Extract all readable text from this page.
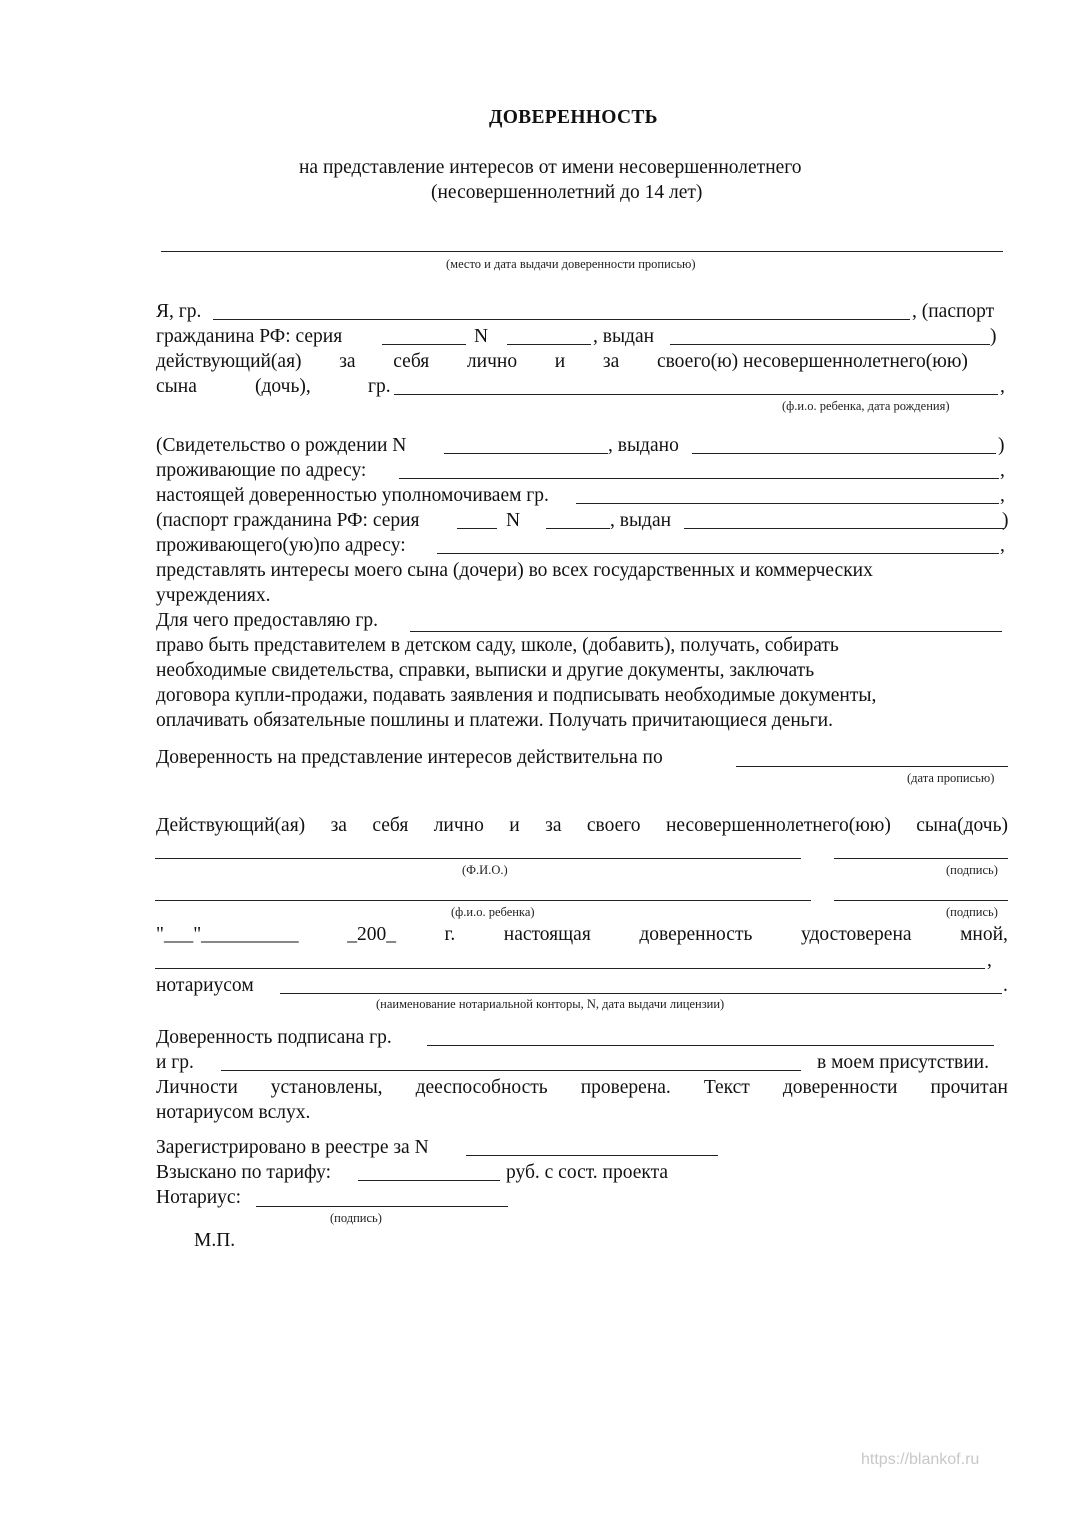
ДОВЕРЕННОСТЬ
на представление интересов от имени несовершеннолетнего
(несовершеннолетний до 14 лет)
(место и дата выдачи доверенности прописью)
Я, гр.	, (паспорт
гражданина РФ: серия	N	, выдан	)
действующий(ая) за себя лично и за своего(ю) несовершеннолетнего(юю)
сына	(дочь),	гр.	,
(ф.и.о. ребенка, дата рождения)
(Свидетельство о рождении N	, выдано	)
проживающие по адресу:	,
настоящей доверенностью уполномочиваем гр.	,
(паспорт гражданина РФ: серия	N	, выдан	)
проживающего(ую)по адресу:	,
представлять интересы моего сына (дочери) во всех государственных и коммерческих
учреждениях.
Для чего предоставляю гр.
право быть представителем в детском саду, школе, (добавить), получать, собирать
необходимые свидетельства, справки, выписки и другие документы, заключать
договора купли-продажи, подавать заявления и подписывать необходимые документы,
оплачивать обязательные пошлины и платежи. Получать причитающиеся деньги.
Доверенность на представление интересов действительна по
(дата прописью)
Действующий(ая) за себя лично и за своего несовершеннолетнего(юю) сына(дочь)
(Ф.И.О.)	(подпись)
(ф.и.о. ребенка)	(подпись)
"___"__________ _200_ г. настоящая доверенность удостоверена мной,
,
нотариусом	.
(наименование нотариальной конторы, N, дата выдачи лицензии)
Доверенность подписана гр.
и гр.	в моем присутствии.
Личности установлены, дееспособность проверена. Текст доверенности прочитан
нотариусом вслух.
Зарегистрировано в реестре за N
Взыскано по тарифу:	руб. с сост. проекта
Нотариус:
(подпись)
М.П.
https://blankof.ru
